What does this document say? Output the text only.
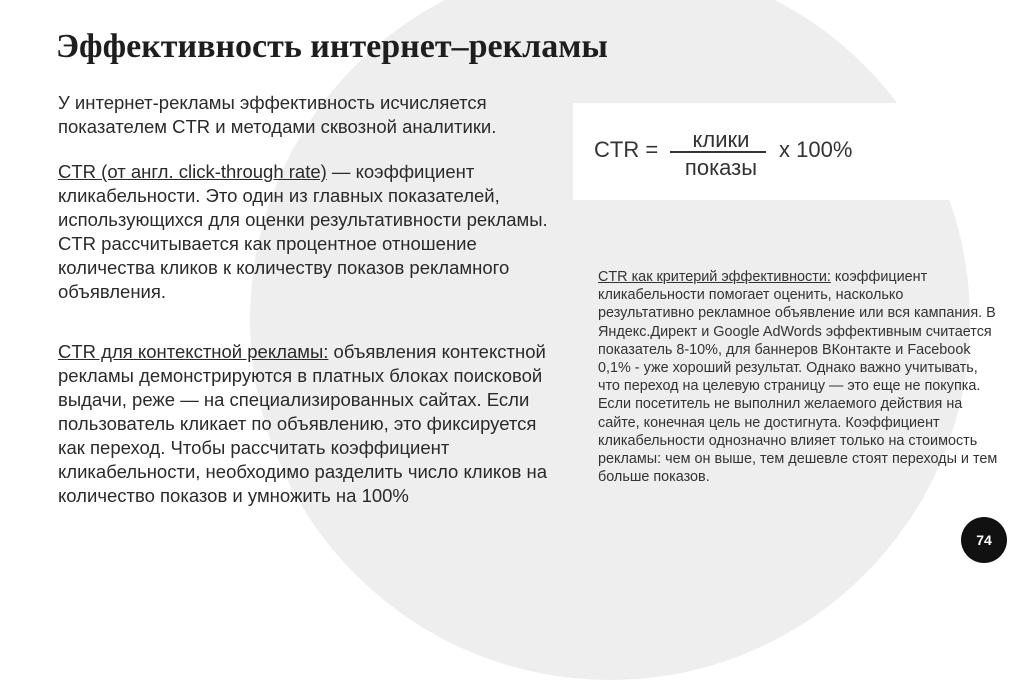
Эффективность интернет‒рекламы
У интернет-рекламы эффективность исчисляется показателем CTR и методами сквозной аналитики.
CTR (от англ. click-through rate) — коэффициент кликабельности. Это один из главных показателей, использующихся для оценки результативности рекламы. CTR рассчитывается как процентное отношение количества кликов к количеству показов рекламного объявления.
CTR для контекстной рекламы: объявления контекстной рекламы демонстрируются в платных блоках поисковой выдачи, реже — на специализированных сайтах. Если пользователь кликает по объявлению, это фиксируется как переход. Чтобы рассчитать коэффициент кликабельности, необходимо разделить число кликов на количество показов и умножить на 100%
CTR =	клики
показы
x 100%
CTR как критерий эффективности: коэффициент кликабельности помогает оценить, насколько результативно рекламное объявление или вся кампания. В Яндекс.Директ и Google AdWords эффективным считается показатель 8-10%, для баннеров ВКонтакте и Facebook 0,1% - уже хороший результат. Однако важно учитывать, что переход на целевую страницу — это еще не покупка. Если посетитель не выполнил желаемого действия на сайте, конечная цель не достигнута. Коэффициент кликабельности однозначно влияет только на стоимость рекламы: чем он выше, тем дешевле стоят переходы и тем больше показов.
74
